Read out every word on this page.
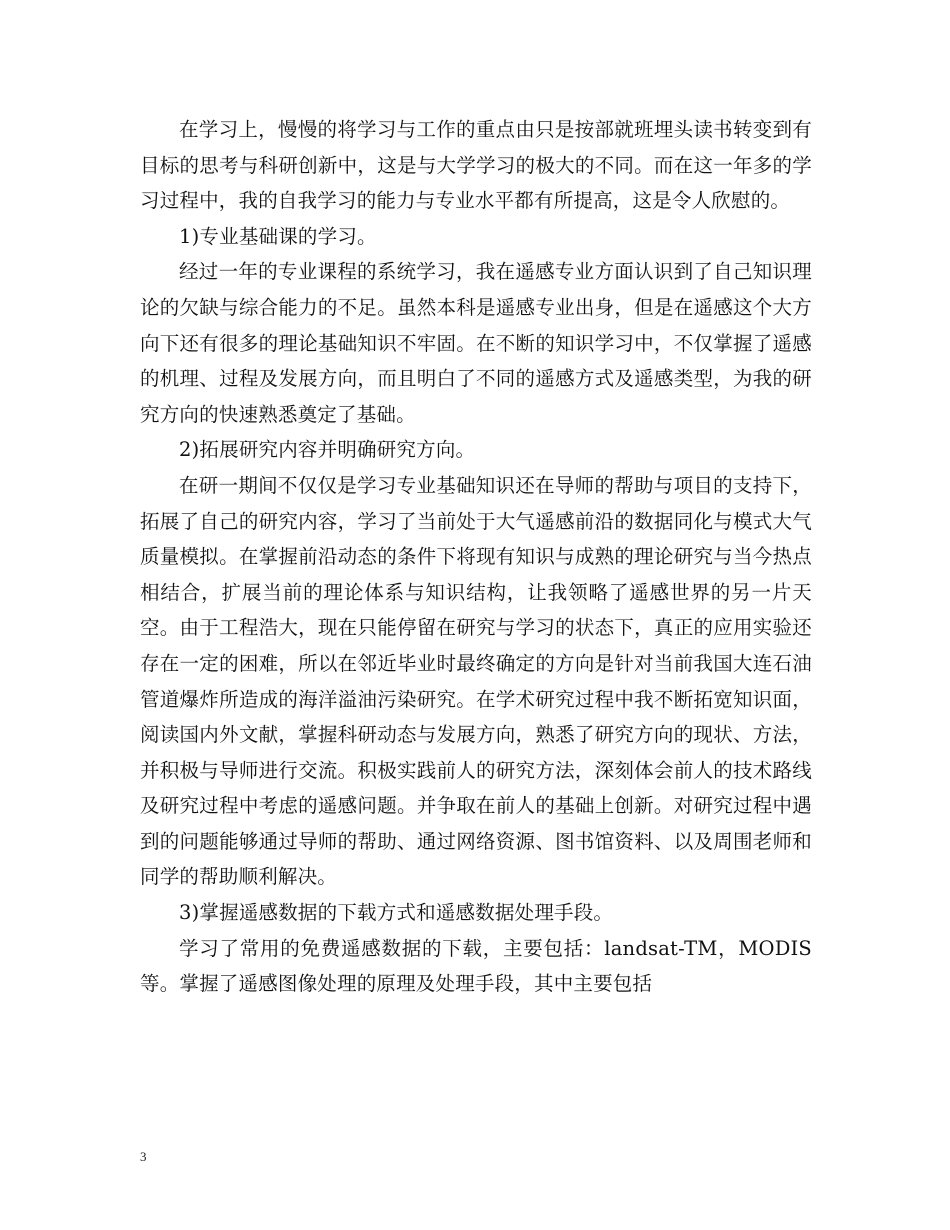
在学习上，慢慢的将学习与工作的重点由只是按部就班埋头读书转变到有目标的思考与科研创新中，这是与大学学习的极大的不同。而在这一年多的学习过程中，我的自我学习的能力与专业水平都有所提高，这是令人欣慰的。

1)专业基础课的学习。

经过一年的专业课程的系统学习，我在遥感专业方面认识到了自己知识理论的欠缺与综合能力的不足。虽然本科是遥感专业出身，但是在遥感这个大方向下还有很多的理论基础知识不牢固。在不断的知识学习中，不仅掌握了遥感的机理、过程及发展方向，而且明白了不同的遥感方式及遥感类型，为我的研究方向的快速熟悉奠定了基础。

2)拓展研究内容并明确研究方向。

在研一期间不仅仅是学习专业基础知识还在导师的帮助与项目的支持下，拓展了自己的研究内容，学习了当前处于大气遥感前沿的数据同化与模式大气质量模拟。在掌握前沿动态的条件下将现有知识与成熟的理论研究与当今热点相结合，扩展当前的理论体系与知识结构，让我领略了遥感世界的另一片天空。由于工程浩大，现在只能停留在研究与学习的状态下，真正的应用实验还存在一定的困难，所以在邻近毕业时最终确定的方向是针对当前我国大连石油管道爆炸所造成的海洋溢油污染研究。在学术研究过程中我不断拓宽知识面，阅读国内外文献，掌握科研动态与发展方向，熟悉了研究方向的现状、方法，并积极与导师进行交流。积极实践前人的研究方法，深刻体会前人的技术路线及研究过程中考虑的遥感问题。并争取在前人的基础上创新。对研究过程中遇到的问题能够通过导师的帮助、通过网络资源、图书馆资料、以及周围老师和同学的帮助顺利解决。

3)掌握遥感数据的下载方式和遥感数据处理手段。

学习了常用的免费遥感数据的下载，主要包括：landsat-TM，MODIS等。掌握了遥感图像处理的原理及处理手段，其中主要包括

3
